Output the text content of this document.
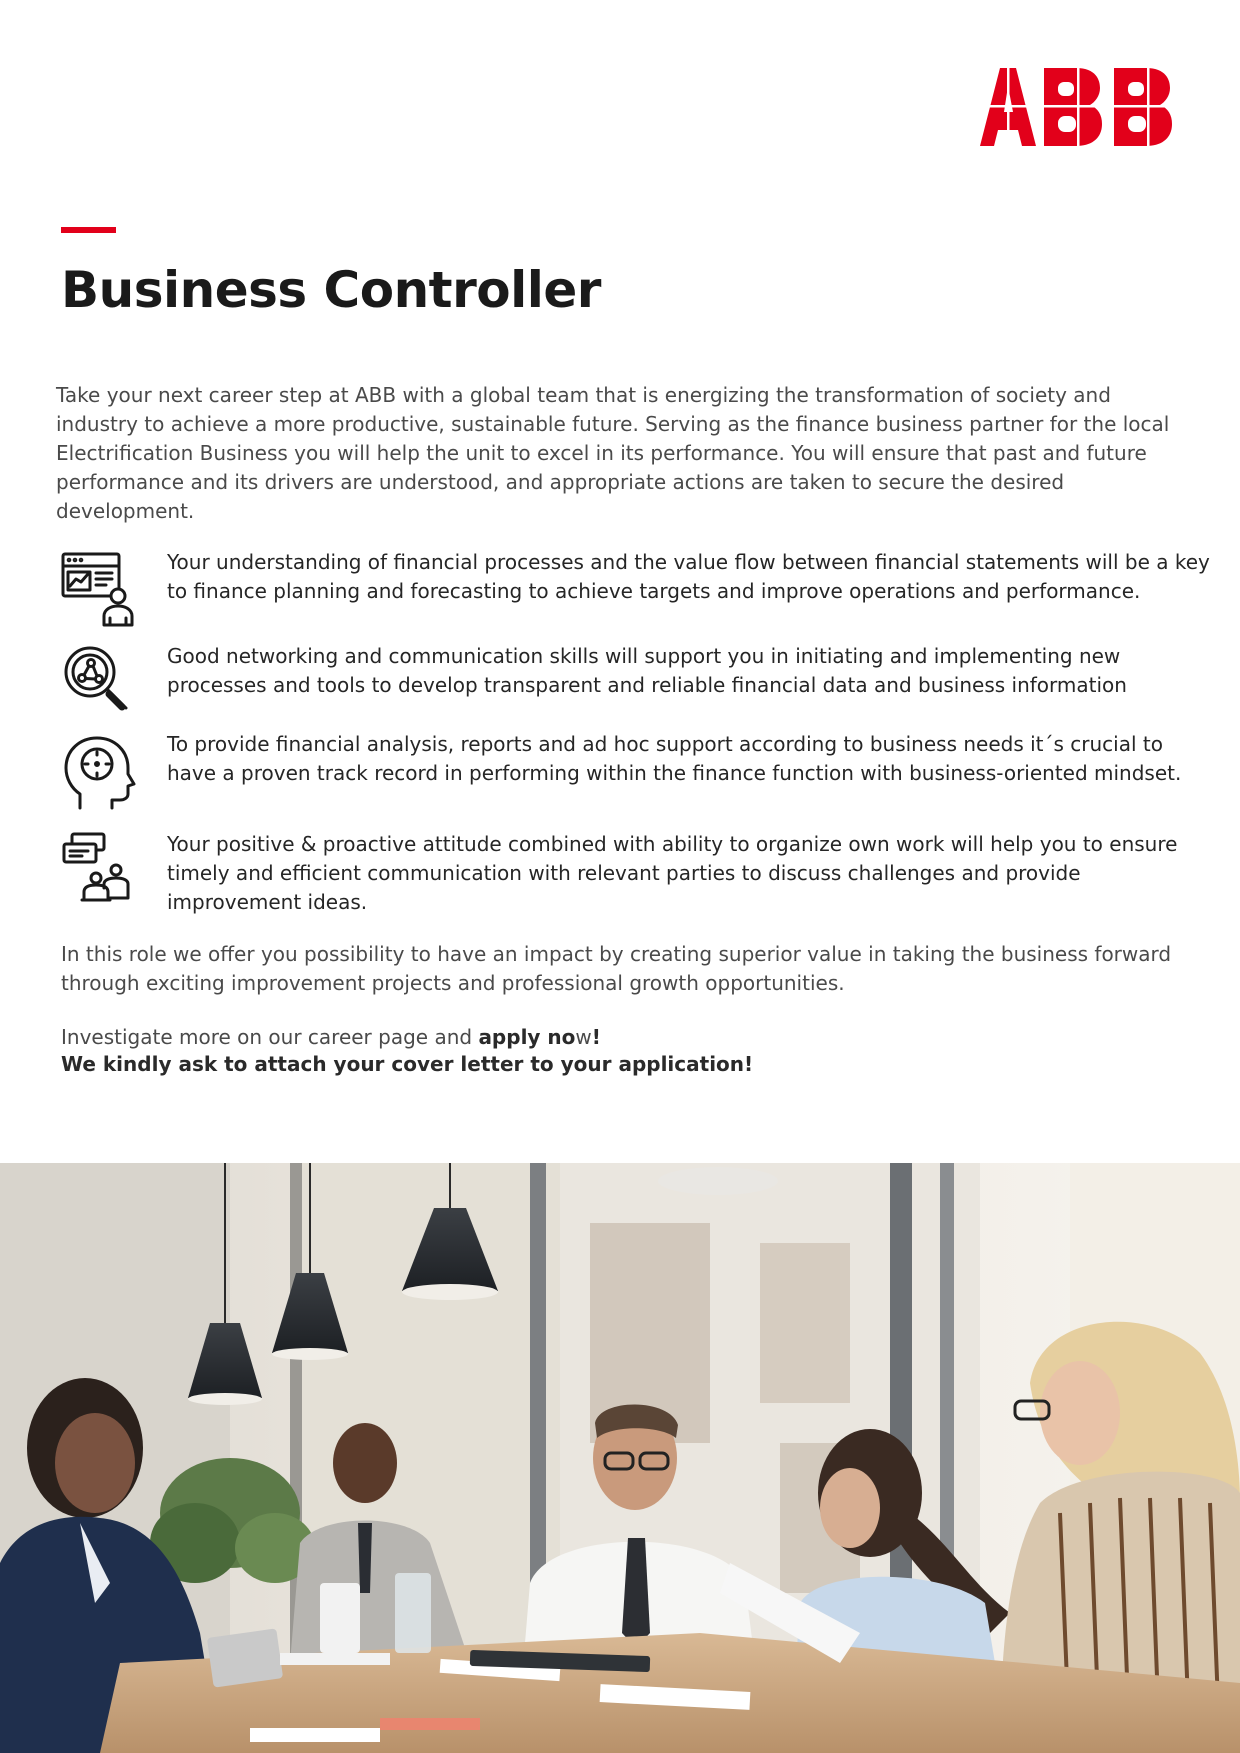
Business Controller

Take your next career step at ABB with a global team that is energizing the transformation of society and industry to achieve a more productive, sustainable future. Serving as the finance business partner for the local Electrification Business you will help the unit to excel in its performance. You will ensure that past and future performance and its drivers are understood, and appropriate actions are taken to secure the desired development.

Your understanding of financial processes and the value flow between financial statements will be a key to finance planning and forecasting to achieve targets and improve operations and performance.

Good networking and communication skills will support you in initiating and implementing new processes and tools to develop transparent and reliable financial data and business information

To provide financial analysis, reports and ad hoc support according to business needs it´s crucial to have a proven track record in performing within the finance function with business-oriented mindset.

Your positive & proactive attitude combined with ability to organize own work will help you to ensure timely and efficient communication with relevant parties to discuss challenges and provide improvement ideas.

In this role we offer you possibility to have an impact by creating superior value in taking the business forward through exciting improvement projects and professional growth opportunities.

Investigate more on our career page and apply now!
We kindly ask to attach your cover letter to your application!
